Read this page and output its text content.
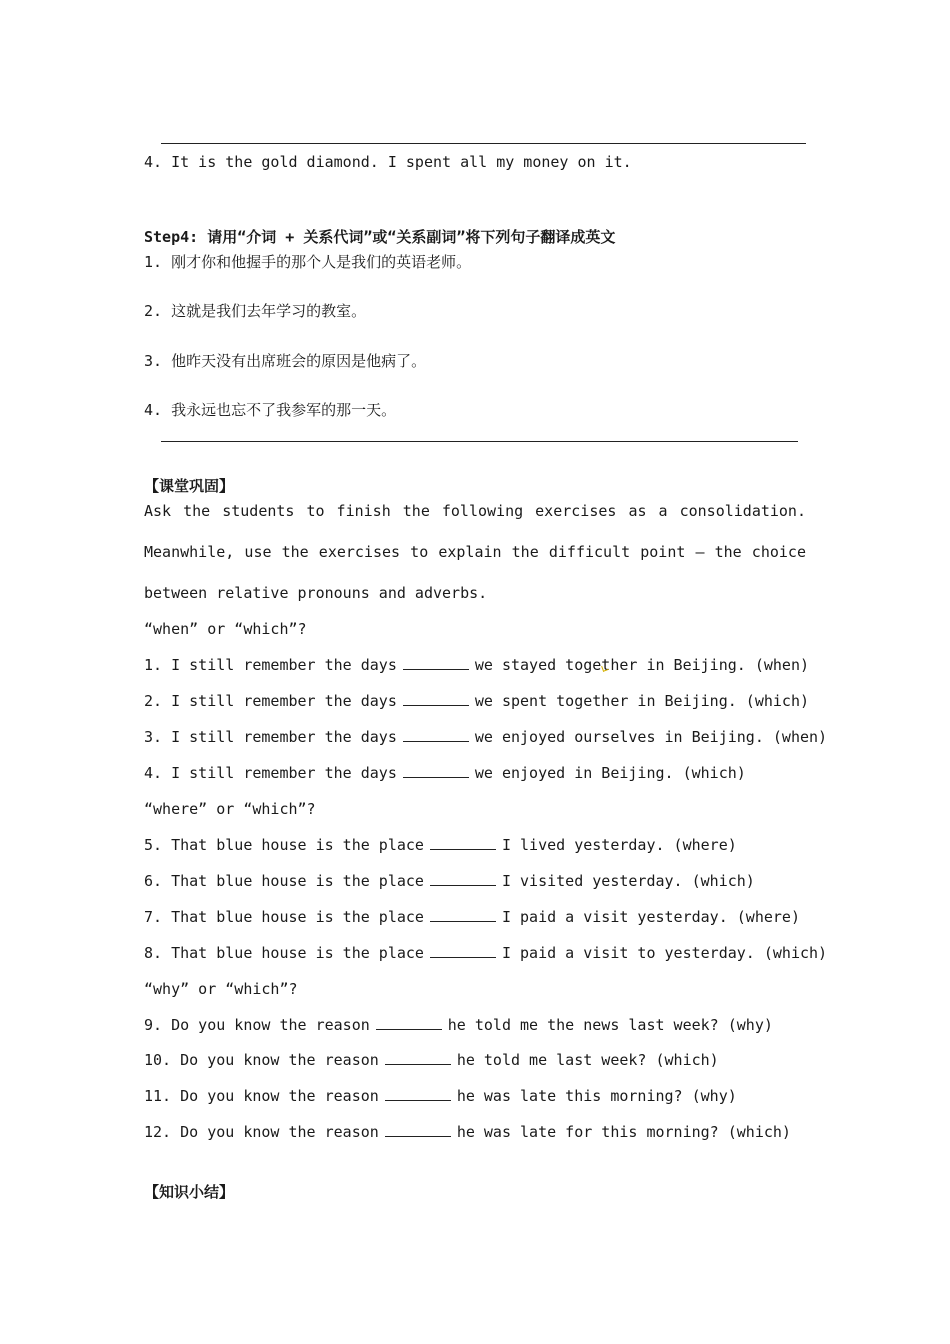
4. It is the gold diamond. I spent all my money on it.
Step4: 请用“介词 + 关系代词”或“关系副词”将下列句子翻译成英文
1. 刚才你和他握手的那个人是我们的英语老师。
2. 这就是我们去年学习的教室。
3. 他昨天没有出席班会的原因是他病了。
4. 我永远也忘不了我参军的那一天。
【课堂巩固】
Ask the students to finish the following exercises as a consolidation.
Meanwhile, use the exercises to explain the difficult point — the choice
between relative pronouns and adverbs.
“when” or “which”?
1. I still remember the days	we stayed together in Beijing. (when)
2. I still remember the days	we spent together in Beijing. (which)
3. I still remember the days	we enjoyed ourselves in Beijing. (when)
4. I still remember the days	we enjoyed in Beijing. (which)
“where” or “which”?
5. That blue house is the place	I lived yesterday. (where)
6. That blue house is the place	I visited yesterday. (which)
7. That blue house is the place	I paid a visit yesterday. (where)
8. That blue house is the place	I paid a visit to yesterday. (which)
“why” or “which”?
9. Do you know the reason	he told me the news last week? (why)
10. Do you know the reason	he told me last week? (which)
11. Do you know the reason	he was late this morning? (why)
12. Do you know the reason	he was late for this morning? (which)
【知识小结】
